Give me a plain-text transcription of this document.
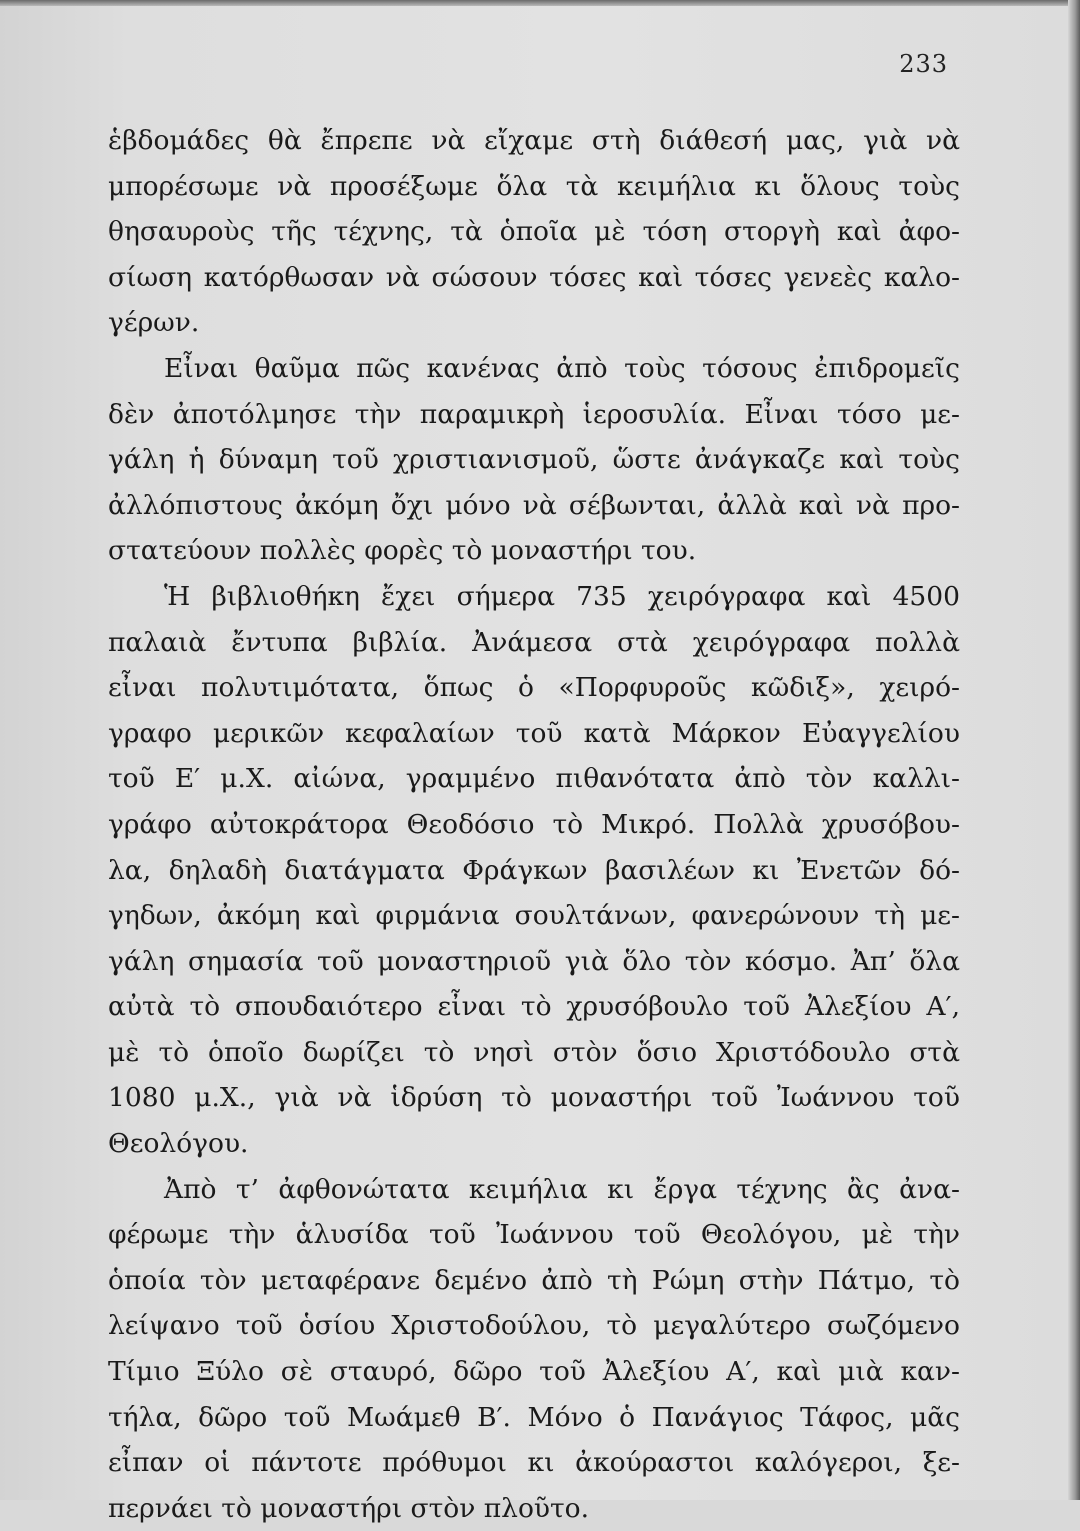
233
ἑβδομάδες θὰ ἔπρεπε νὰ εἴχαμε στὴ διάθεσή μας, γιὰ νὰ
μπορέσωμε νὰ προσέξωμε ὅλα τὰ κειμήλια κι ὅλους τοὺς
θησαυροὺς τῆς τέχνης, τὰ ὁποῖα μὲ τόση στοργὴ καὶ ἀφο-
σίωση κατόρθωσαν νὰ σώσουν τόσες καὶ τόσες γενεὲς καλο-
γέρων.
Εἶναι θαῦμα πῶς κανένας ἀπὸ τοὺς τόσους ἐπιδρομεῖς
δὲν ἀποτόλμησε τὴν παραμικρὴ ἱεροσυλία. Εἶναι τόσο με-
γάλη ἡ δύναμη τοῦ χριστιανισμοῦ, ὥστε ἀνάγκαζε καὶ τοὺς
ἀλλόπιστους ἀκόμη ὄχι μόνο νὰ σέβωνται, ἀλλὰ καὶ νὰ προ-
στατεύουν πολλὲς φορὲς τὸ μοναστήρι του.
Ἡ βιβλιοθήκη ἔχει σήμερα 735 χειρόγραφα καὶ 4500
παλαιὰ ἔντυπα βιβλία. Ἀνάμεσα στὰ χειρόγραφα πολλὰ
εἶναι πολυτιμότατα, ὅπως ὁ «Πορφυροῦς κῶδιξ», χειρό-
γραφο μερικῶν κεφαλαίων τοῦ κατὰ Μάρκον Εὐαγγελίου
τοῦ Ε′ μ.Χ. αἰώνα, γραμμένο πιθανότατα ἀπὸ τὸν καλλι-
γράφο αὐτοκράτορα Θεοδόσιο τὸ Μικρό. Πολλὰ χρυσόβου-
λα, δηλαδὴ διατάγματα Φράγκων βασιλέων κι Ἐνετῶν δό-
γηδων, ἀκόμη καὶ φιρμάνια σουλτάνων, φανερώνουν τὴ με-
γάλη σημασία τοῦ μοναστηριοῦ γιὰ ὅλο τὸν κόσμο. Ἀπ’ ὅλα
αὐτὰ τὸ σπουδαιότερο εἶναι τὸ χρυσόβουλο τοῦ Ἀλεξίου Α′,
μὲ τὸ ὁποῖο δωρίζει τὸ νησὶ στὸν ὅσιο Χριστόδουλο στὰ
1080 μ.Χ., γιὰ νὰ ἱδρύση τὸ μοναστήρι τοῦ Ἰωάννου τοῦ
Θεολόγου.
Ἀπὸ τ’ ἀφθονώτατα κειμήλια κι ἔργα τέχνης ἂς ἀνα-
φέρωμε τὴν ἁλυσίδα τοῦ Ἰωάννου τοῦ Θεολόγου, μὲ τὴν
ὁποία τὸν μεταφέρανε δεμένο ἀπὸ τὴ Ρώμη στὴν Πάτμο, τὸ
λείψανο τοῦ ὁσίου Χριστοδούλου, τὸ μεγαλύτερο σωζόμενο
Τίμιο Ξύλο σὲ σταυρό, δῶρο τοῦ Ἀλεξίου Α′, καὶ μιὰ καν-
τήλα, δῶρο τοῦ Μωάμεθ Β′. Μόνο ὁ Πανάγιος Τάφος, μᾶς
εἶπαν οἱ πάντοτε πρόθυμοι κι ἀκούραστοι καλόγεροι, ξε-
περνάει τὸ μοναστήρι στὸν πλοῦτο.
